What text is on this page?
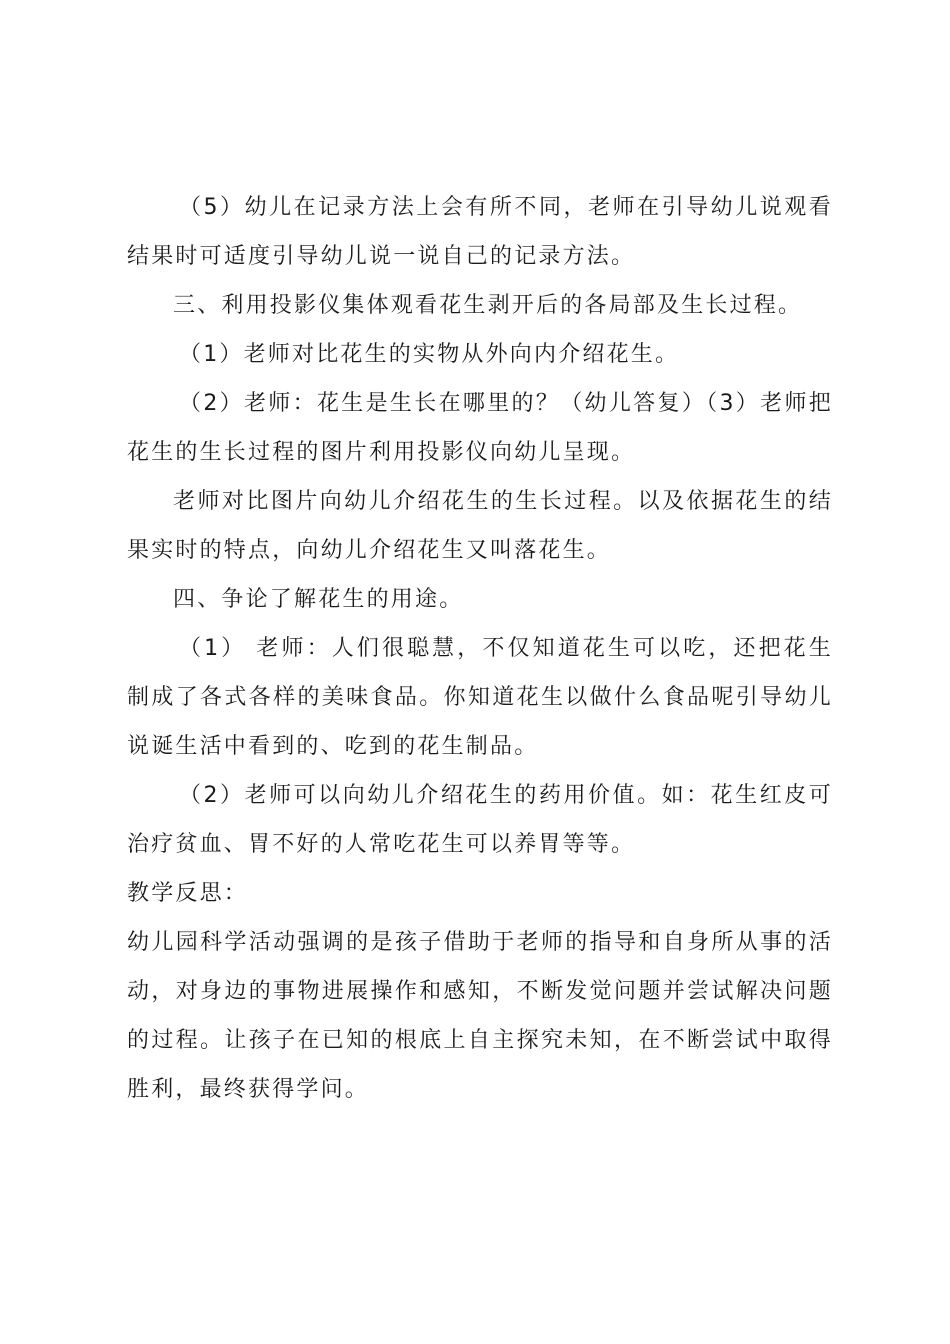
（5）幼儿在记录方法上会有所不同，老师在引导幼儿说观看结果时可适度引导幼儿说一说自己的记录方法。

三、利用投影仪集体观看花生剥开后的各局部及生长过程。

（1）老师对比花生的实物从外向内介绍花生。

（2）老师：花生是生长在哪里的？（幼儿答复）（3）老师把花生的生长过程的图片利用投影仪向幼儿呈现。

老师对比图片向幼儿介绍花生的生长过程。以及依据花生的结果实时的特点，向幼儿介绍花生又叫落花生。

四、争论了解花生的用途。

（1） 老师：人们很聪慧，不仅知道花生可以吃，还把花生制成了各式各样的美味食品。你知道花生以做什么食品呢引导幼儿说诞生活中看到的、吃到的花生制品。

（2）老师可以向幼儿介绍花生的药用价值。如：花生红皮可治疗贫血、胃不好的人常吃花生可以养胃等等。

教学反思：

幼儿园科学活动强调的是孩子借助于老师的指导和自身所从事的活动，对身边的事物进展操作和感知，不断发觉问题并尝试解决问题的过程。让孩子在已知的根底上自主探究未知，在不断尝试中取得胜利，最终获得学问。
